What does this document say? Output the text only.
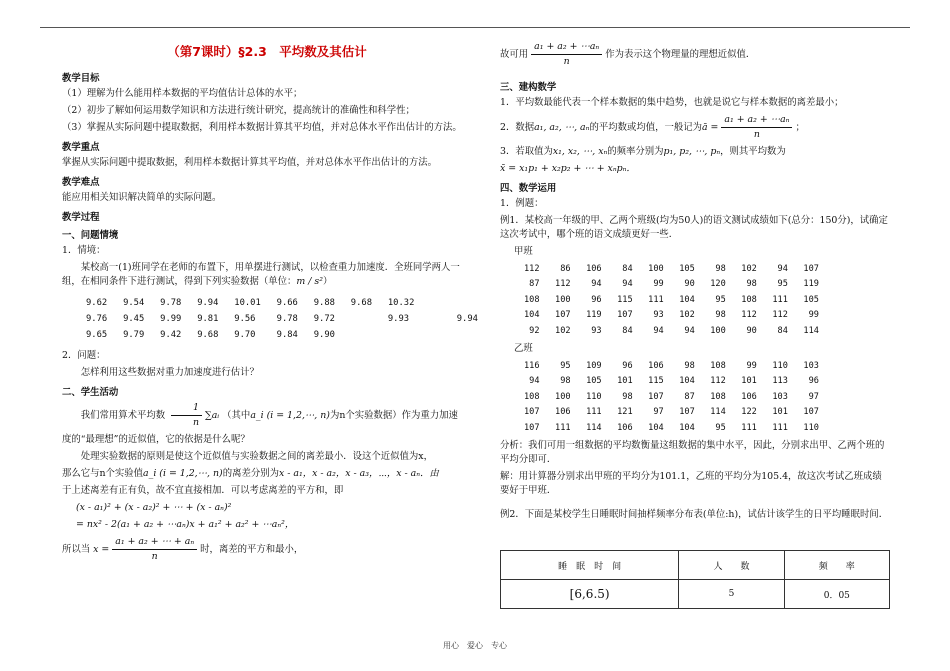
（第7课时）§2.3　平均数及其估计
教学目标

（1）理解为什么能用样本数据的平均值估计总体的水平；

（2）初步了解如何运用数学知识和方法进行统计研究，提高统计的准确性和科学性；

（3）掌握从实际问题中提取数据，利用样本数据计算其平均值，并对总体水平作出估计的方法。

教学重点

掌握从实际问题中提取数据，利用样本数据计算其平均值，并对总体水平作出估计的方法。

教学难点

能应用相关知识解决简单的实际问题。

教学过程
一、问题情境

1．情境：

某校高一(1)班同学在老师的布置下，用单摆进行测试，以检查重力加速度．全班同学两人一组，在相同条件下进行测试，得到下列实验数据（单位：m / s²）

9.62   9.54   9.78   9.94   10.01   9.66   9.88   9.68   10.32
9.76   9.45   9.99   9.81   9.56    9.78   9.72          9.93         9.94
9.65   9.79   9.42   9.68   9.70    9.84   9.90

2．问题：

怎样利用这些数据对重力加速度进行估计？

二、学生活动

我们常用算术平均数 $\frac{1}{n}$ ∑aᵢ （其中a_i (i = 1,2,⋯, n)为n个实验数据）作为重力加速

度的“最理想”的近似值，它的依据是什么呢？

处理实验数据的原则是使这个近似值与实验数据之间的离差最小．设这个近似值为x，

那么它与n个实验值a_i (i = 1,2,⋯, n)的离差分别为x - a₁，x - a₂，x - a₃，⋯，x - aₙ．由

于上述离差有正有负，故不宜直接相加．可以考虑离差的平方和，即

(x - a₁)² + (x - a₂)² + ⋯ + (x - aₙ)²

= nx² - 2(a₁ + a₂ + ⋯aₙ)x + a₁² + a₂² + ⋯aₙ²，

所以当 $x = \frac{\text{a₁ + a₂ + ⋯ + aₙ}}{n}$ 时，离差的平方和最小，

故可用 $\frac{\text{a₁ + a₂ + ⋯aₙ}}{n}$ 作为表示这个物理量的理想近似值．

三、建构数学

1．平均数最能代表一个样本数据的集中趋势，也就是说它与样本数据的离差最小；

2．数据a₁, a₂, ⋯, aₙ的平均数或均值，一般记为ā = $\frac{\text{a₁ + a₂ + ⋯aₙ}}{n}$ ；

3．若取值为x₁, x₂, ⋯, xₙ的频率分别为p₁, p₂, ⋯, pₙ，则其平均数为

x̄ = x₁p₁ + x₂p₂ + ⋯ + xₙpₙ．

四、数学运用

1．例题：

例1．某校高一年级的甲、乙两个班级(均为50人)的语文测试成绩如下(总分：150分)，试确定这次考试中，哪个班的语文成绩更好一些．

甲班

112    86   106    84   100   105    98   102    94   107
87   112    94    94    99    90   120    98    95   119
108   100    96   115   111   104    95   108   111   105
104   107   119   107    93   102    98   112   112    99
92   102    93    84    94    94   100    90    84   114

乙班

116    95   109    96   106    98   108    99   110   103
94    98   105   101   115   104   112   101   113    96
108   100   110    98   107    87   108   106   103    97
107   106   111   121    97   107   114   122   101   107
107   111   114   106   104   104    95   111   111   110

分析：我们可用一组数据的平均数衡量这组数据的集中水平，因此，分别求出甲、乙两个班的平均分即可．

解：用计算器分别求出甲班的平均分为101.1，乙班的平均分为105.4，故这次考试乙班成绩要好于甲班．

例2．下面是某校学生日睡眠时间抽样频率分布表(单位:h)，试估计该学生的日平均睡眠时间．

睡　眠　时　间	人　　数	频　　率
[6,6.5)	5	0．05
用心　爱心　专心
